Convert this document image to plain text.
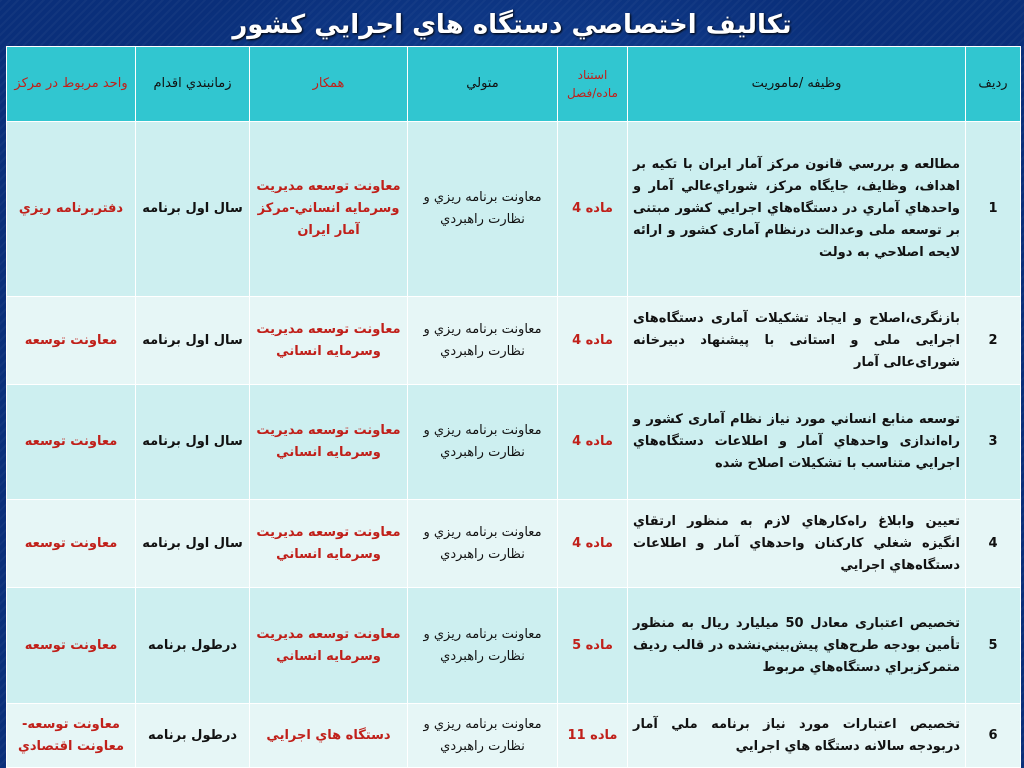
تكاليف اختصاصي دستگاه هاي اجرايي كشور
رديف	وظيفه /ماموريت	استناد ماده/فصل	متولي	همكار	زمانبندي اقدام	واحد مربوط در مركز
1	مطالعه و بررسي قانون مرکز آمار ايران با تكيه بر اهداف، وظايف، جايگاه مركز، شوراي‌عالي آمار و واحدهاي آماري در دستگاه‌هاي اجرايي كشور مبتنی بر توسعه ملی وعدالت درنظام آماری کشور و ارائه لايحه اصلاحي به دولت	ماده 4	معاونت برنامه ريزي و نظارت راهبردي	معاونت توسعه مديريت وسرمايه انساني-مرکز آمار ایران	سال اول برنامه	دفتربرنامه ريزي
2	بازنگری،اصلاح و ایجاد تشکیلات آماری دستگاه‌های اجرایی ملی و استانی با پیشنهاد دبیرخانه شورای‌عالی آمار	ماده 4	معاونت برنامه ريزي و نظارت راهبردي	معاونت توسعه مديريت وسرمايه انساني	سال اول برنامه	معاونت توسعه
3	توسعه منابع انساني مورد نياز نظام آماری كشور و راه‌اندازی واحدهاي آمار و اطلاعات دستگاه‌هاي اجرايي متناسب با تشكيلات اصلاح شده	ماده 4	معاونت برنامه ريزي و نظارت راهبردي	معاونت توسعه مديريت وسرمايه انساني	سال اول برنامه	معاونت توسعه
4	تعيين وابلاغ راه‌کارهاي لازم به منظور ارتقاي انگيزه شغلي كاركنان واحدهاي آمار و اطلاعات دستگاه‌هاي اجرايي	ماده 4	معاونت برنامه ريزي و نظارت راهبردي	معاونت توسعه مديريت وسرمايه انساني	سال اول برنامه	معاونت توسعه
5	تخصيص اعتباری معادل 50 ميليارد ريال به منظور تأمين بودجه طرح‌هاي پيش‌بيني‌نشده در قالب رديف متمركزبراي دستگاه‌هاي مربوط	ماده 5	معاونت برنامه ريزي و نظارت راهبردي	معاونت توسعه مديريت وسرمايه انساني	درطول برنامه	معاونت توسعه
6	تخصیص اعتبارات مورد نياز برنامه ملي آمار دربودجه سالانه دستگاه هاي اجرايي	ماده 11	معاونت برنامه ريزي و نظارت راهبردي	دستگاه هاي اجرايي	درطول برنامه	معاونت توسعه- معاونت اقتصادي
